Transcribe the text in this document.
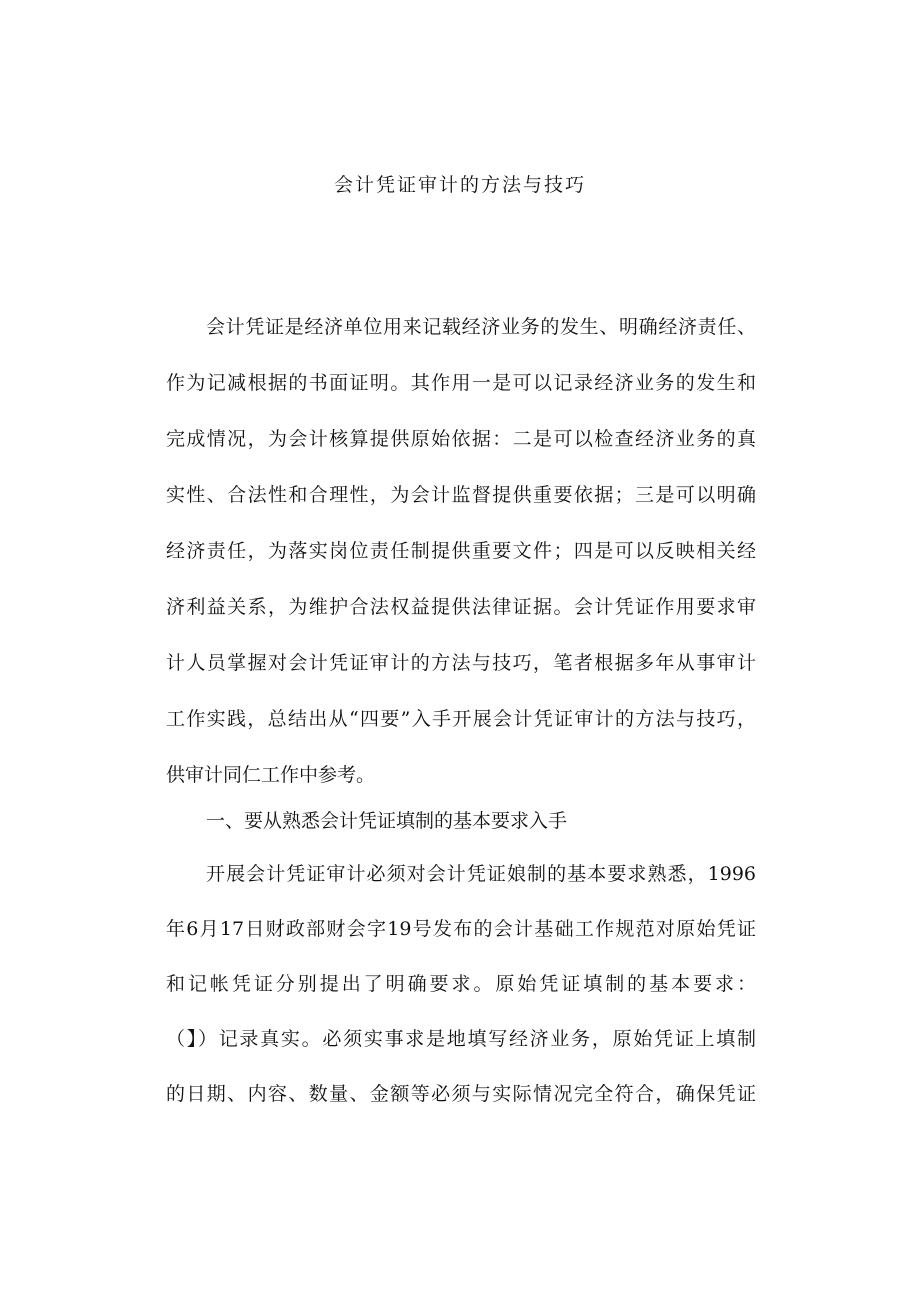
会计凭证审计的方法与技巧

会计凭证是经济单位用来记载经济业务的发生、明确经济责任、

作为记减根据的书面证明。其作用一是可以记录经济业务的发生和

完成情况，为会计核算提供原始依据：二是可以检查经济业务的真

实性、合法性和合理性，为会计监督提供重要依据；三是可以明确

经济责任，为落实岗位责任制提供重要文件；四是可以反映相关经

济利益关系，为维护合法权益提供法律证据。会计凭证作用要求审

计人员掌握对会计凭证审计的方法与技巧，笔者根据多年从事审计

工作实践，总结出从“四要”入手开展会计凭证审计的方法与技巧，

供审计同仁工作中参考。

一、要从熟悉会计凭证填制的基本要求入手

开展会计凭证审计必须对会计凭证娘制的基本要求熟悉，1996

年6月17日财政部财会字19号发布的会计基础工作规范对原始凭证

和记帐凭证分别提出了明确要求。原始凭证填制的基本要求：

（】）记录真实。必须实事求是地填写经济业务，原始凭证上填制

的日期、内容、数量、金额等必须与实际情况完全符合，确保凭证
